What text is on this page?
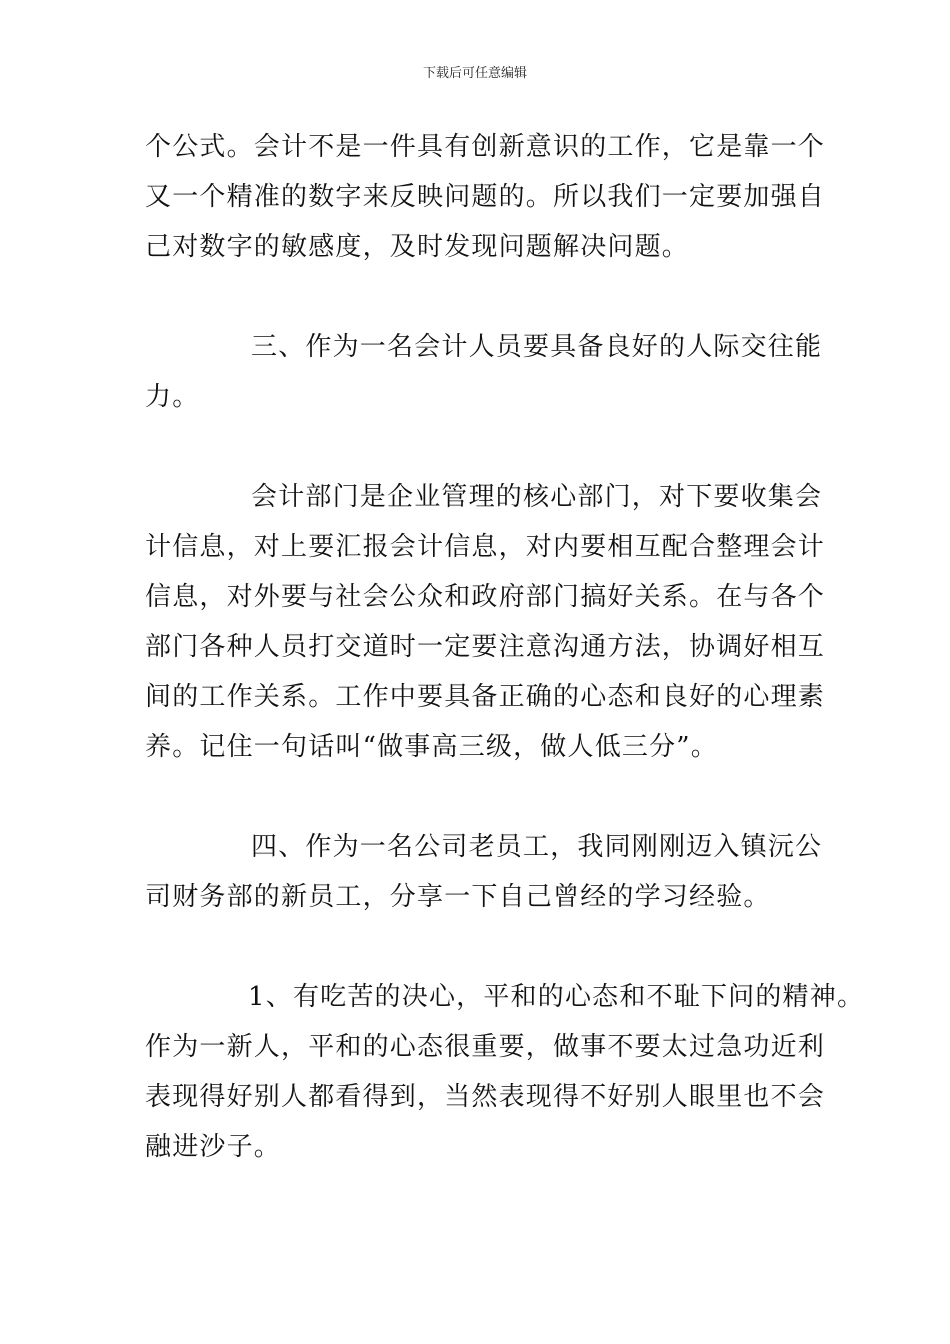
下载后可任意编辑
个公式。会计不是一件具有创新意识的工作，它是靠一个
又一个精准的数字来反映问题的。所以我们一定要加强自
己对数字的敏感度，及时发现问题解决问题。
三、作为一名会计人员要具备良好的人际交往能
力。
会计部门是企业管理的核心部门，对下要收集会
计信息，对上要汇报会计信息，对内要相互配合整理会计
信息，对外要与社会公众和政府部门搞好关系。在与各个
部门各种人员打交道时一定要注意沟通方法，协调好相互
间的工作关系。工作中要具备正确的心态和良好的心理素
养。记住一句话叫“做事高三级，做人低三分”。
四、作为一名公司老员工，我同刚刚迈入镇沅公
司财务部的新员工，分享一下自己曾经的学习经验。
1、有吃苦的决心，平和的心态和不耻下问的精神。
作为一新人，平和的心态很重要，做事不要太过急功近利
表现得好别人都看得到，当然表现得不好别人眼里也不会
融进沙子。
